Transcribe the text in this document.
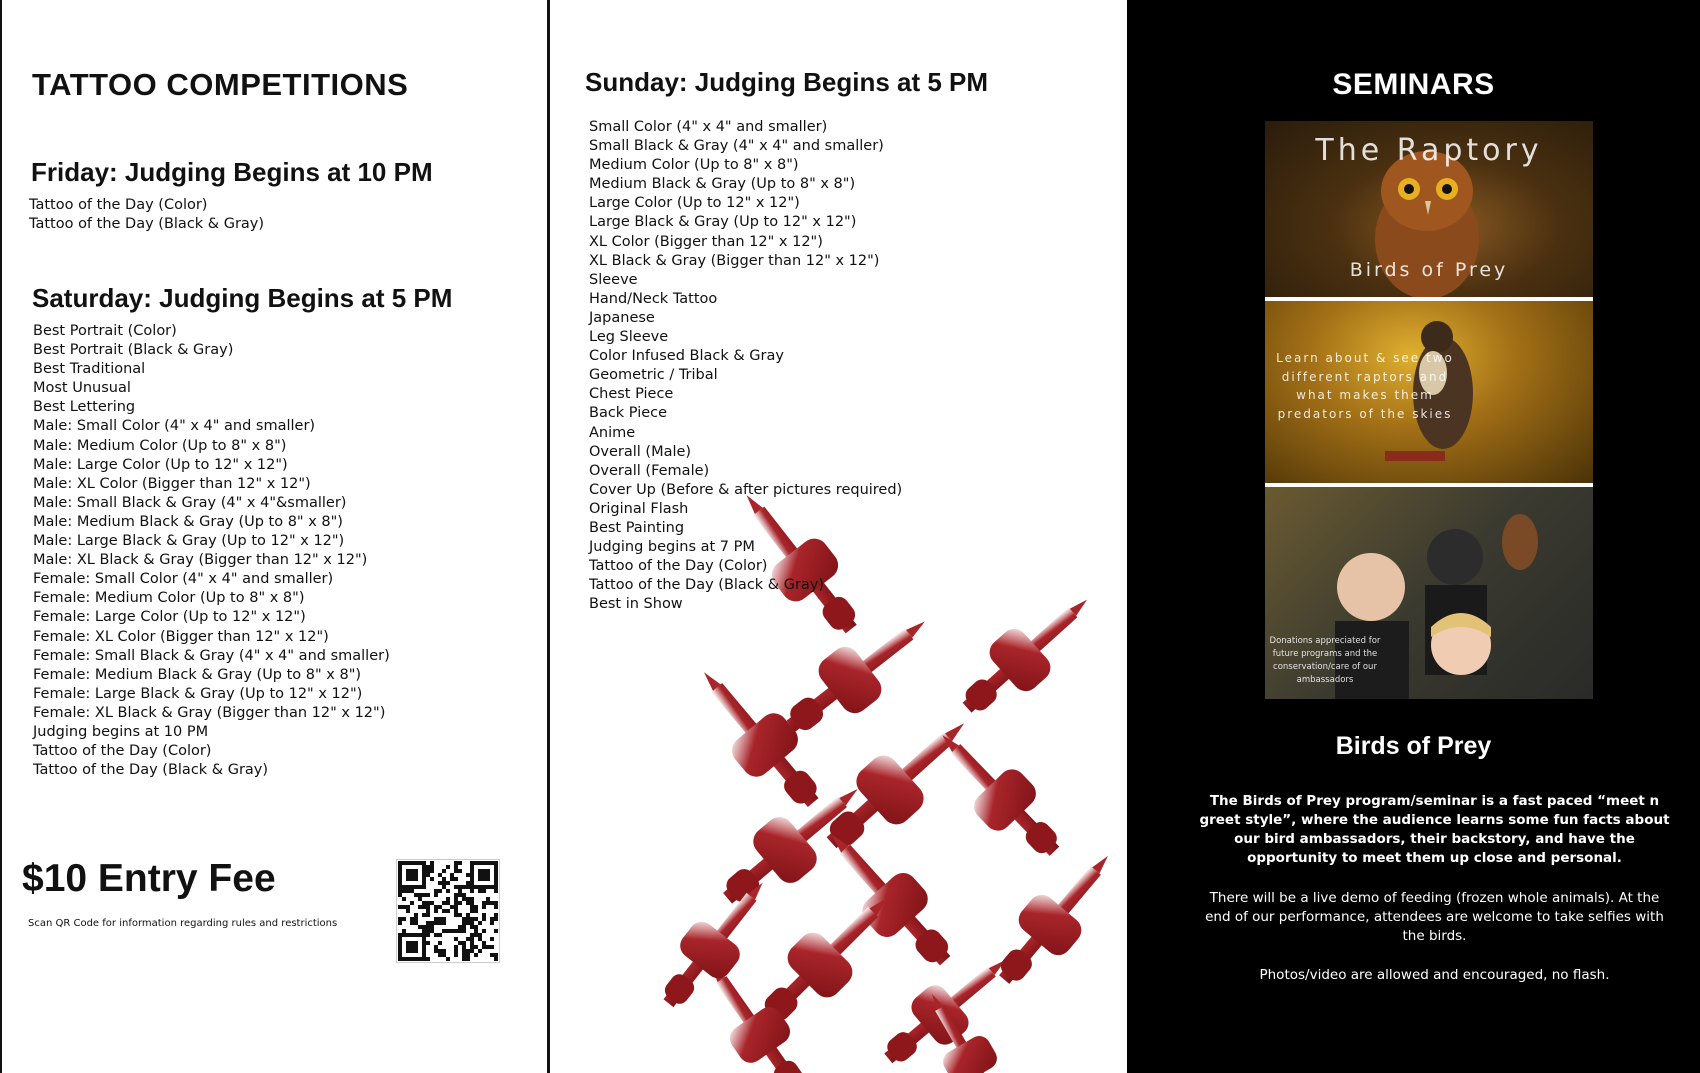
TATTOO COMPETITIONS
Friday: Judging Begins at 10 PM
Tattoo of the Day (Color)
Tattoo of the Day (Black & Gray)
Saturday: Judging Begins at 5 PM
Best Portrait (Color)
Best Portrait (Black & Gray)
Best Traditional
Most Unusual
Best Lettering
Male: Small Color (4" x 4" and smaller)
Male: Medium Color (Up to 8" x 8")
Male: Large Color (Up to 12" x 12")
Male: XL Color (Bigger than 12" x 12")
Male: Small Black & Gray (4" x 4"&smaller)
Male: Medium Black & Gray (Up to 8" x 8")
Male: Large Black & Gray (Up to 12" x 12")
Male: XL Black & Gray (Bigger than 12" x 12")
Female: Small Color (4" x 4" and smaller)
Female: Medium Color (Up to 8" x 8")
Female: Large Color (Up to 12" x 12")
Female: XL Color (Bigger than 12" x 12")
Female: Small Black & Gray (4" x 4" and smaller)
Female: Medium Black & Gray (Up to 8" x 8")
Female: Large Black & Gray (Up to 12" x 12")
Female: XL Black & Gray (Bigger than 12" x 12")
Judging begins at 10 PM
Tattoo of the Day (Color)
Tattoo of the Day (Black & Gray)
$10 Entry Fee
Scan QR Code for information regarding rules and restrictions
Sunday: Judging Begins at 5 PM
Small Color (4" x 4" and smaller)
Small Black & Gray (4" x 4" and smaller)
Medium Color (Up to 8" x 8")
Medium Black & Gray (Up to 8" x 8")
Large Color (Up to 12" x 12")
Large Black & Gray (Up to 12" x 12")
XL Color (Bigger than 12" x 12")
XL Black & Gray (Bigger than 12" x 12")
Sleeve
Hand/Neck Tattoo
Japanese
Leg Sleeve
Color Infused Black & Gray
Geometric / Tribal
Chest Piece
Back Piece
Anime
Overall (Male)
Overall (Female)
Cover Up (Before & after pictures required)
Original Flash
Best Painting
Judging begins at 7 PM
Tattoo of the Day (Color)
Tattoo of the Day (Black & Gray)
Best in Show
SEMINARS
The Raptory
Birds of Prey
Learn about & see two different raptors and what makes them predators of the skies
Donations appreciated for future programs and the conservation/care of our ambassadors
Birds of Prey

The Birds of Prey program/seminar is a fast paced “meet n greet style”, where the audience learns some fun facts about our bird ambassadors, their backstory, and have the opportunity to meet them up close and personal.

There will be a live demo of feeding (frozen whole animals). At the end of our performance, attendees are welcome to take selfies with the birds.

Photos/video are allowed and encouraged, no flash.
